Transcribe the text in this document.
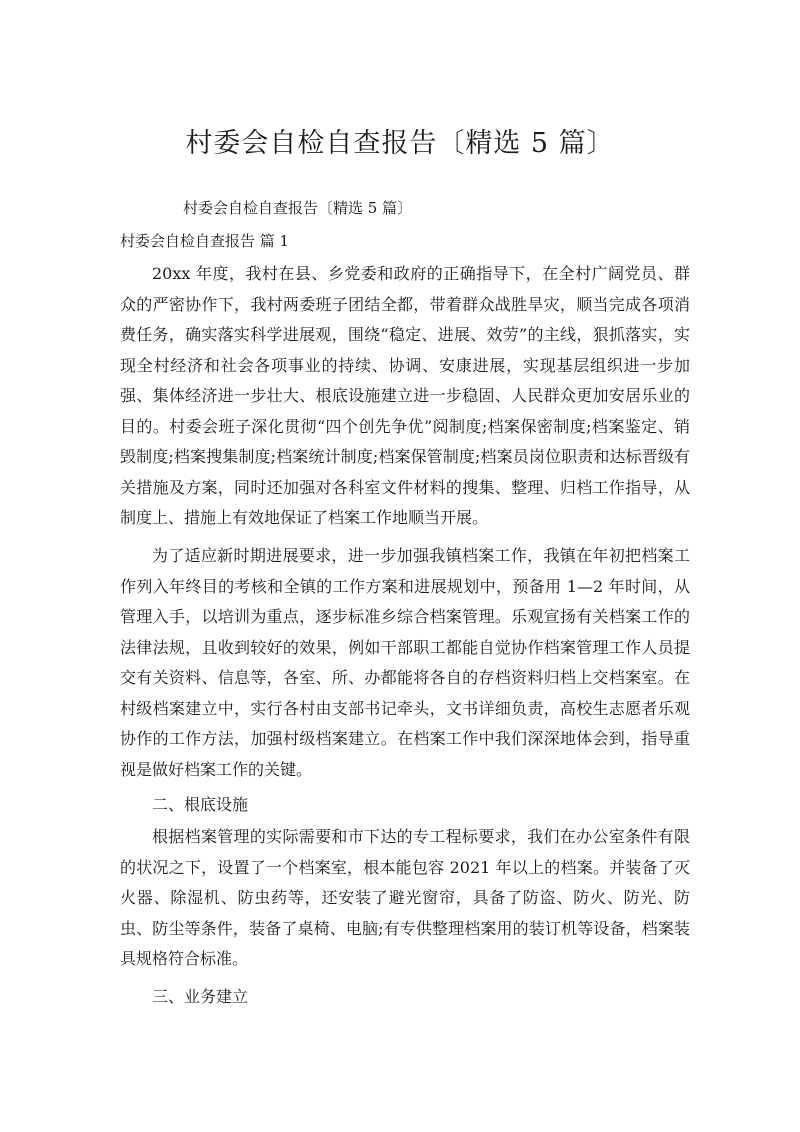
村委会自检自查报告〔精选 5 篇〕

村委会自检自查报告〔精选 5 篇〕

村委会自检自查报告 篇 1

20xx 年度，我村在县、乡党委和政府的正确指导下，在全村广阔党员、群众的严密协作下，我村两委班子团结全都，带着群众战胜旱灾，顺当完成各项消费任务，确实落实科学进展观，围绕“稳定、进展、效劳”的主线，狠抓落实，实现全村经济和社会各项事业的持续、协调、安康进展，实现基层组织进一步加强、集体经济进一步壮大、根底设施建立进一步稳固、人民群众更加安居乐业的目的。村委会班子深化贯彻“四个创先争优”阅制度;档案保密制度;档案鉴定、销毁制度;档案搜集制度;档案统计制度;档案保管制度;档案员岗位职责和达标晋级有关措施及方案，同时还加强对各科室文件材料的搜集、整理、归档工作指导，从制度上、措施上有效地保证了档案工作地顺当开展。

为了适应新时期进展要求，进一步加强我镇档案工作，我镇在年初把档案工作列入年终目的考核和全镇的工作方案和进展规划中，预备用 1—2 年时间，从管理入手，以培训为重点，逐步标准乡综合档案管理。乐观宣扬有关档案工作的法律法规，且收到较好的效果，例如干部职工都能自觉协作档案管理工作人员提交有关资料、信息等，各室、所、办都能将各自的存档资料归档上交档案室。在村级档案建立中，实行各村由支部书记牵头，文书详细负责，高校生志愿者乐观协作的工作方法，加强村级档案建立。在档案工作中我们深深地体会到，指导重视是做好档案工作的关键。

二、根底设施

根据档案管理的实际需要和市下达的专工程标要求，我们在办公室条件有限的状况之下，设置了一个档案室，根本能包容 2021 年以上的档案。并装备了灭火器、除湿机、防虫药等，还安装了避光窗帘，具备了防盗、防火、防光、防虫、防尘等条件，装备了桌椅、电脑;有专供整理档案用的装订机等设备，档案装具规格符合标准。

三、业务建立
